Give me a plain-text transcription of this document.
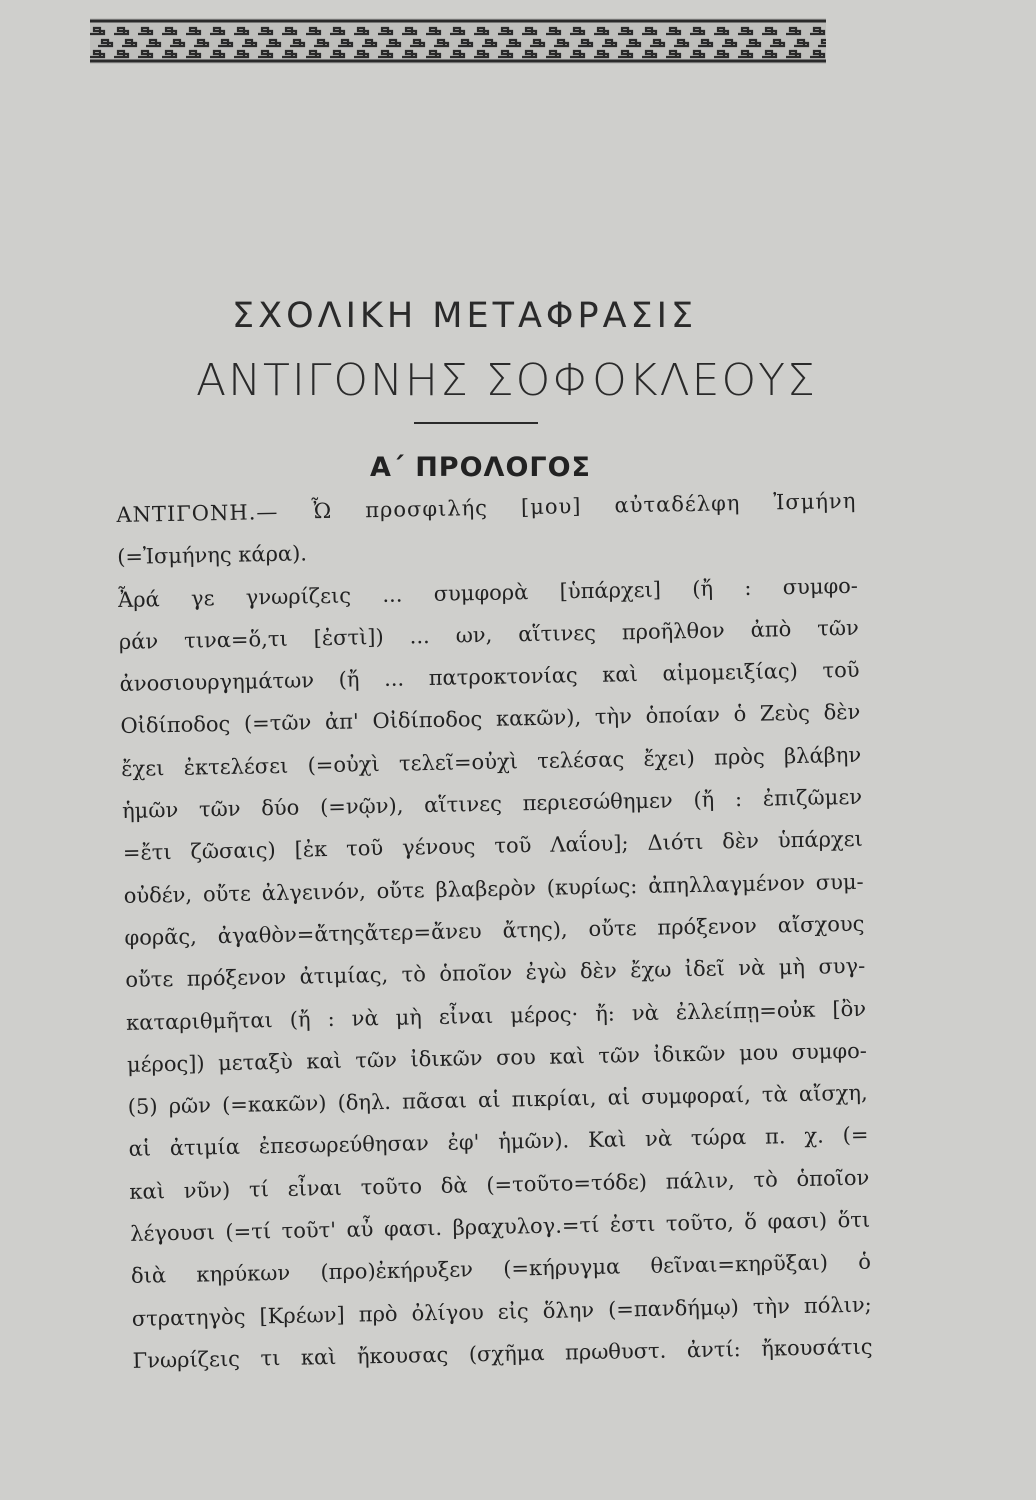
ΣΧΟΛΙΚΗ ΜΕΤΑΦΡΑΣΙΣ
ΑΝΤΙΓΟΝΗΣ ΣΟΦΟΚΛΕΟΥΣ
Α΄ ΠΡΟΛΟΓΟΣ
ΑΝΤΙΓΟΝΗ.— Ὦ προσφιλής [μου] αὐταδέλφη Ἰσμήνη
(=Ἰσμήνης κάρα).
Ἆρά γε γνωρίζεις ... συμφορὰ [ὑπάρχει] (ἤ : συμφο-
ράν τινα=ὅ,τι [ἐστὶ]) ... ων, αἵτινες προῆλθον ἀπὸ τῶν
ἀνοσιουργημάτων (ἤ ... πατροκτονίας καὶ αἱμομειξίας) τοῦ
Οἰδίποδος (=τῶν ἀπ' Οἰδίποδος κακῶν), τὴν ὁποίαν ὁ Ζεὺς δὲν
ἔχει ἐκτελέσει (=οὐχὶ τελεῖ=οὐχὶ τελέσας ἔχει) πρὸς βλάβην
ἡμῶν τῶν δύο (=νῷν), αἵτινες περιεσώθημεν (ἤ : ἐπιζῶμεν
=ἔτι ζῶσαις) [ἐκ τοῦ γένους τοῦ Λαΐου]; Διότι δὲν ὑπάρχει
οὐδέν, οὔτε ἀλγεινόν, οὔτε βλαβερὸν (κυρίως: ἀπηλλαγμένον συμ-
φορᾶς, ἀγαθὸν=ἄτηςἄτερ=ἄνευ ἄτης), οὔτε πρόξενον αἴσχους
οὔτε πρόξενον ἀτιμίας, τὸ ὁποῖον ἐγὼ δὲν ἔχω ἰδεῖ νὰ μὴ συγ-
καταριθμῆται (ἤ : νὰ μὴ εἶναι μέρος· ἤ: νὰ ἐλλείπῃ=οὐκ [ὂν
μέρος]) μεταξὺ καὶ τῶν ἰδικῶν σου καὶ τῶν ἰδικῶν μου συμφο-
(5) ρῶν (=κακῶν) (δηλ. πᾶσαι αἱ πικρίαι, αἱ συμφοραί, τὰ αἴσχη,
αἱ ἀτιμία ἐπεσωρεύθησαν ἐφ' ἡμῶν). Καὶ νὰ τώρα π. χ. (=
καὶ νῦν) τί εἶναι τοῦτο δὰ (=τοῦτο=τόδε) πάλιν, τὸ ὁποῖον
λέγουσι (=τί τοῦτ' αὖ φασι. βραχυλογ.=τί ἐστι τοῦτο, ὅ φασι) ὅτι
διὰ κηρύκων (προ)ἐκήρυξεν (=κήρυγμα θεῖναι=κηρῦξαι) ὁ
στρατηγὸς [Κρέων] πρὸ ὀλίγου εἰς ὅλην (=πανδήμῳ) τὴν πόλιν;
Γνωρίζεις τι καὶ ἤκουσας (σχῆμα πρωθυστ. ἀντί: ἤκουσάτις
